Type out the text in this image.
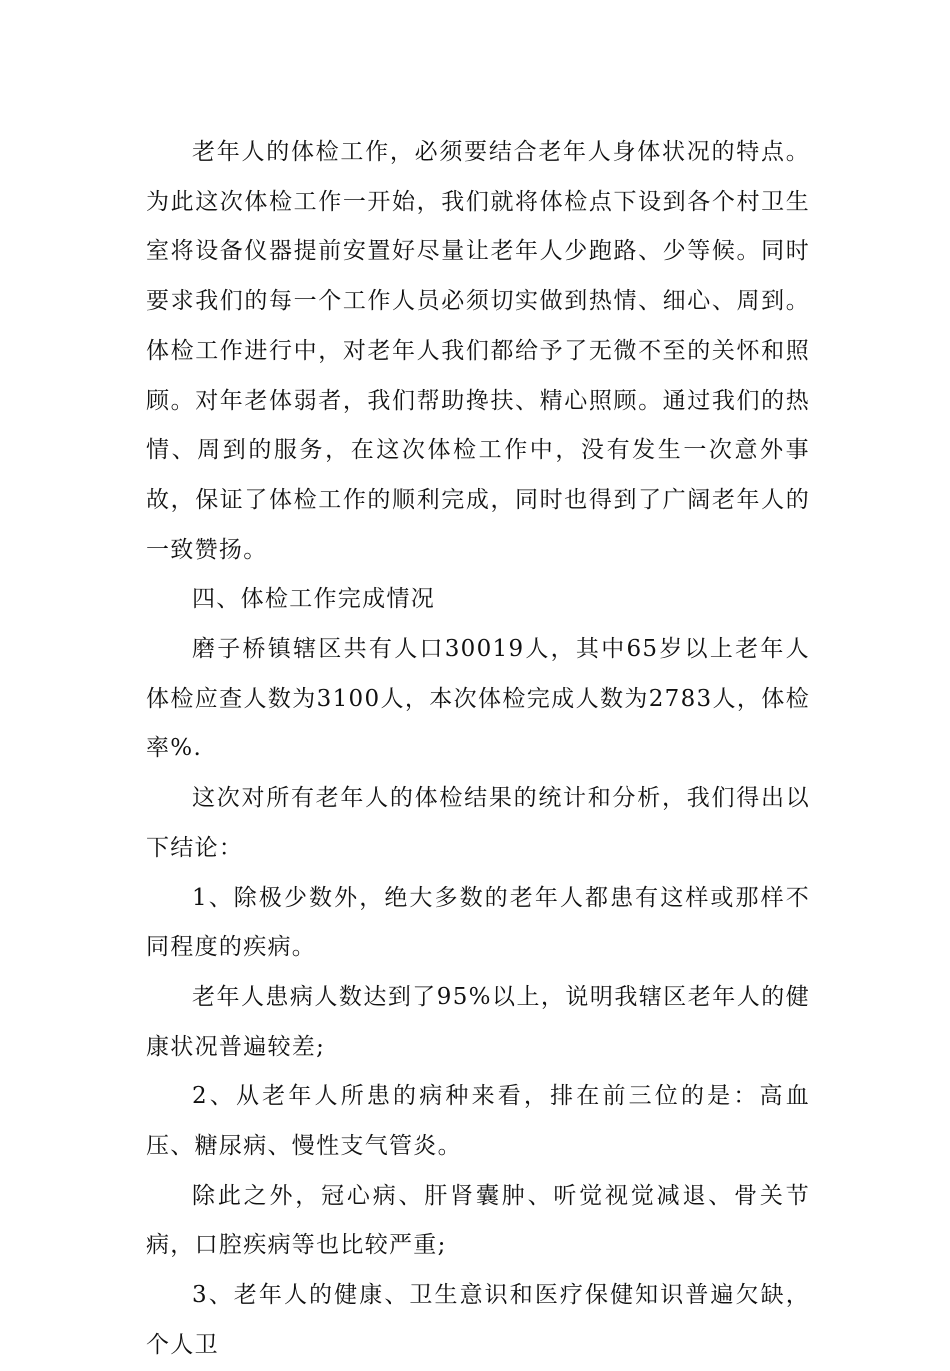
老年人的体检工作，必须要结合老年人身体状况的特点。为此这次体检工作一开始，我们就将体检点下设到各个村卫生室将设备仪器提前安置好尽量让老年人少跑路、少等候。同时要求我们的每一个工作人员必须切实做到热情、细心、周到。体检工作进行中，对老年人我们都给予了无微不至的关怀和照顾。对年老体弱者，我们帮助搀扶、精心照顾。通过我们的热情、周到的服务，在这次体检工作中，没有发生一次意外事故，保证了体检工作的顺利完成，同时也得到了广阔老年人的一致赞扬。

四、体检工作完成情况

磨子桥镇辖区共有人口30019人，其中65岁以上老年人体检应查人数为3100人，本次体检完成人数为2783人，体检率%.

这次对所有老年人的体检结果的统计和分析，我们得出以下结论：

1、除极少数外，绝大多数的老年人都患有这样或那样不同程度的疾病。

老年人患病人数达到了95%以上，说明我辖区老年人的健康状况普遍较差;

2、从老年人所患的病种来看，排在前三位的是：高血压、糖尿病、慢性支气管炎。

除此之外，冠心病、肝肾囊肿、听觉视觉减退、骨关节病，口腔疾病等也比较严重;

3、老年人的健康、卫生意识和医疗保健知识普遍欠缺，个人卫
